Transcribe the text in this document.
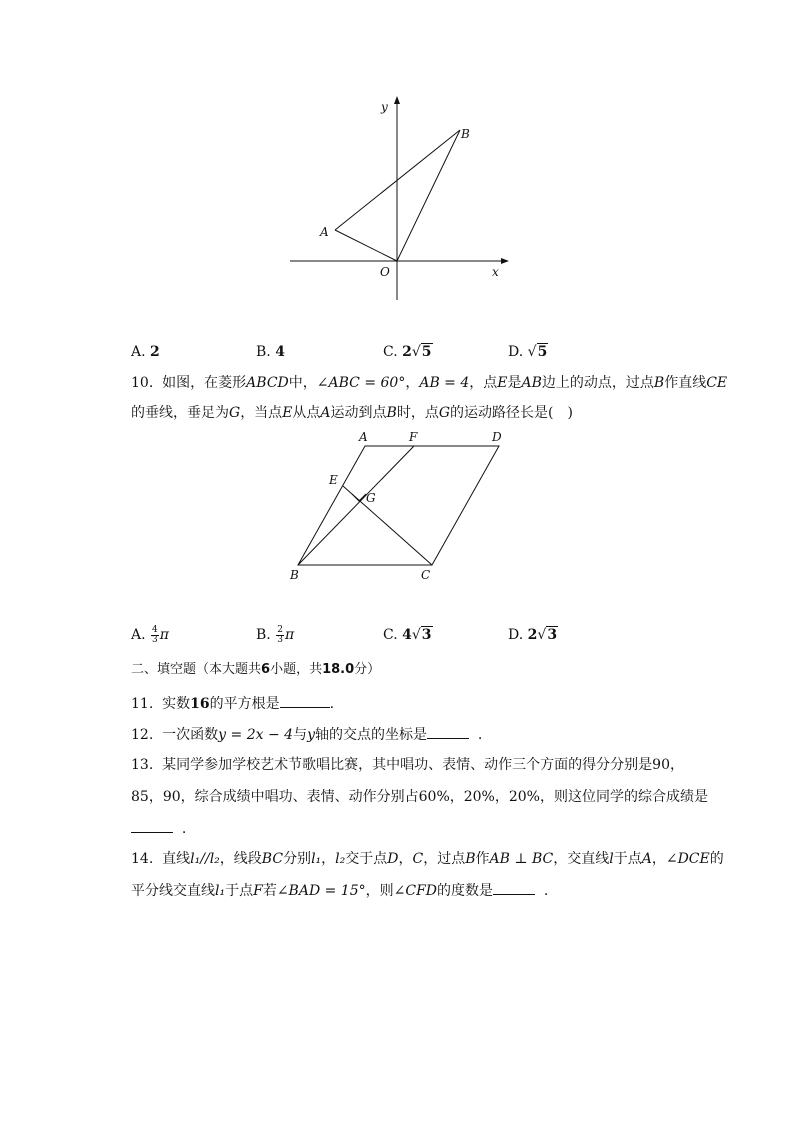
y
x
O
A
B
A. 2	B. 4	C. 2√5	D. √5
10. 如图，在菱形ABCD中，∠ABC = 60°，AB = 4，点E是AB边上的动点，过点B作直线CE
的垂线，垂足为G，当点E从点A运动到点B时，点G的运动路径长是(　)
A	F	D
E
G
B	C
A. $\frac{4}{3}$ π	B. $\frac{2}{3}$ π	C. 4√3	D. 2√3
二、填空题（本大题共6小题，共18.0分）
11. 实数16的平方根是	.
12. 一次函数y = 2x − 4与y轴的交点的坐标是	.
13. 某同学参加学校艺术节歌唱比赛，其中唱功、表情、动作三个方面的得分分别是90，
85，90，综合成绩中唱功、表情、动作分别占60%，20%，20%，则这位同学的综合成绩是
.
14. 直线l₁//l₂，线段BC分别l₁，l₂交于点D，C，过点B作AB ⊥ BC，交直线l于点A，∠DCE的
平分线交直线l₁于点F若∠BAD = 15°，则∠CFD的度数是	.
